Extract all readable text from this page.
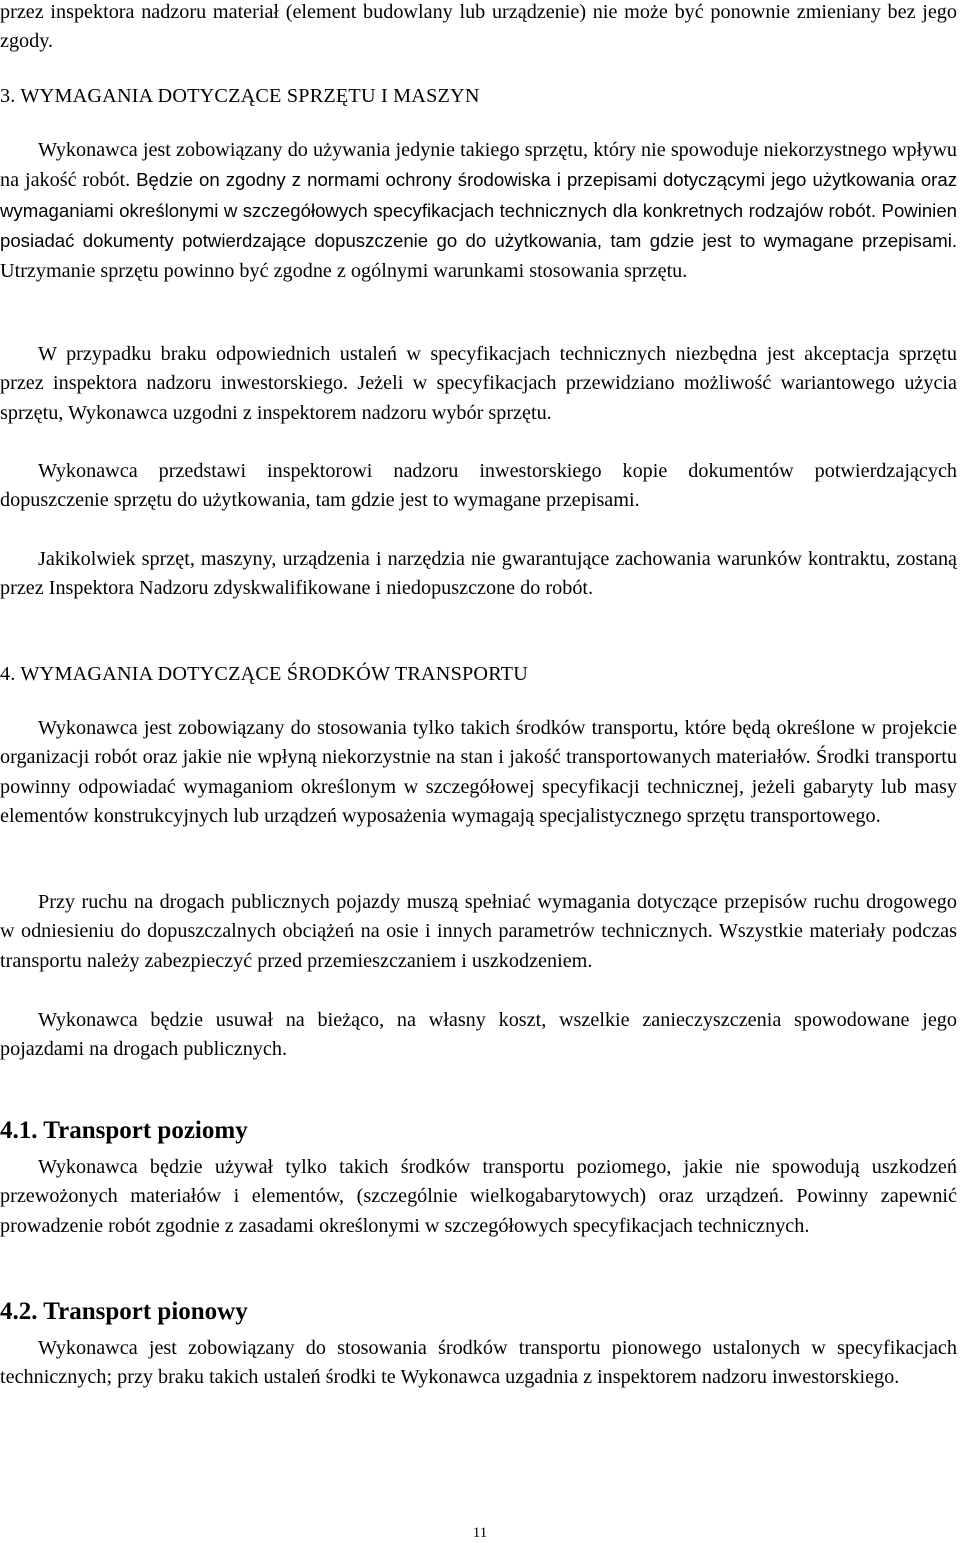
przez inspektora nadzoru materiał (element budowlany lub urządzenie) nie może być ponownie zmieniany bez jego zgody.

3. WYMAGANIA DOTYCZĄCE SPRZĘTU I MASZYN

Wykonawca jest zobowiązany do używania jedynie takiego sprzętu, który nie spowoduje niekorzystnego wpływu na jakość robót. Będzie on zgodny z normami ochrony środowiska i przepisami dotyczącymi jego użytkowania oraz wymaganiami określonymi w szczegółowych specyfikacjach technicznych dla konkretnych rodzajów robót. Powinien posiadać dokumenty potwierdzające dopuszczenie go do użytkowania, tam gdzie jest to wymagane przepisami. Utrzymanie sprzętu powinno być zgodne z ogólnymi warunkami stosowania sprzętu.

W przypadku braku odpowiednich ustaleń w specyfikacjach technicznych niezbędna jest akceptacja sprzętu przez inspektora nadzoru inwestorskiego. Jeżeli w specyfikacjach przewidziano możliwość wariantowego użycia sprzętu, Wykonawca uzgodni z inspektorem nadzoru wybór sprzętu.

Wykonawca przedstawi inspektorowi nadzoru inwestorskiego kopie dokumentów potwierdzających dopuszczenie sprzętu do użytkowania, tam gdzie jest to wymagane przepisami.

Jakikolwiek sprzęt, maszyny, urządzenia i narzędzia nie gwarantujące zachowania warunków kontraktu, zostaną przez Inspektora Nadzoru zdyskwalifikowane i niedopuszczone do robót.

4. WYMAGANIA DOTYCZĄCE ŚRODKÓW TRANSPORTU

Wykonawca jest zobowiązany do stosowania tylko takich środków transportu, które będą określone w projekcie organizacji robót oraz jakie nie wpłyną niekorzystnie na stan i jakość transportowanych materiałów. Środki transportu powinny odpowiadać wymaganiom określonym w szczegółowej specyfikacji technicznej, jeżeli gabaryty lub masy elementów konstrukcyjnych lub urządzeń wyposażenia wymagają specjalistycznego sprzętu transportowego.

Przy ruchu na drogach publicznych pojazdy muszą spełniać wymagania dotyczące przepisów ruchu drogowego w odniesieniu do dopuszczalnych obciążeń na osie i innych parametrów technicznych. Wszystkie materiały podczas transportu należy zabezpieczyć przed przemieszczaniem i uszkodzeniem.

Wykonawca będzie usuwał na bieżąco, na własny koszt, wszelkie zanieczyszczenia spowodowane jego pojazdami na drogach publicznych.

4.1. Transport poziomy

Wykonawca będzie używał tylko takich środków transportu poziomego, jakie nie spowodują uszkodzeń przewożonych materiałów i elementów, (szczególnie wielkogabarytowych) oraz urządzeń. Powinny zapewnić prowadzenie robót zgodnie z zasadami określonymi w szczegółowych specyfikacjach technicznych.

4.2. Transport pionowy

Wykonawca jest zobowiązany do stosowania środków transportu pionowego ustalonych w specyfikacjach technicznych; przy braku takich ustaleń środki te Wykonawca uzgadnia z inspektorem nadzoru inwestorskiego.

11
